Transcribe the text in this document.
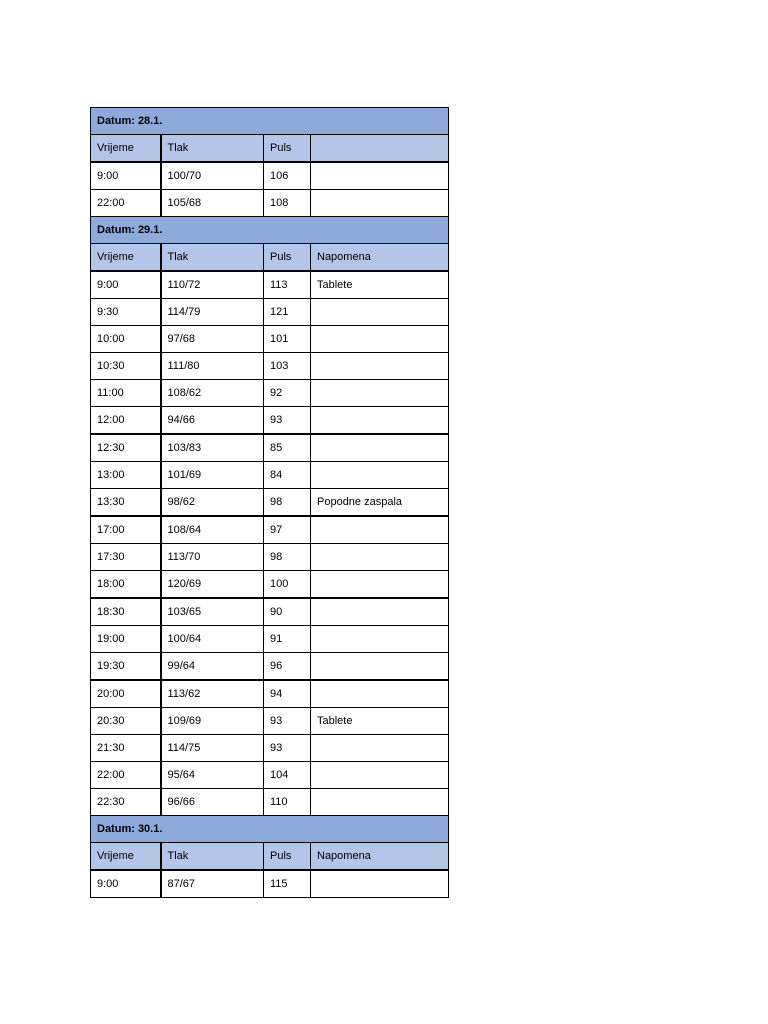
Datum: 28.1.			
Vrijeme	Tlak	Puls	
9:00	100/70	106	
22:00	105/68	108	
Datum: 29.1.			
Vrijeme	Tlak	Puls	Napomena
9:00	110/72	113	Tablete
9:30	114/79	121	
10:00	97/68	101	
10:30	111/80	103	
11:00	108/62	92	
12:00	94/66	93	
12:30	103/83	85	
13:00	101/69	84	
13:30	98/62	98	Popodne zaspala
17:00	108/64	97	
17:30	113/70	98	
18:00	120/69	100	
18:30	103/65	90	
19:00	100/64	91	
19:30	99/64	96	
20:00	113/62	94	
20:30	109/69	93	Tablete
21:30	114/75	93	
22:00	95/64	104	
22:30	96/66	110	
Datum: 30.1.			
Vrijeme	Tlak	Puls	Napomena
9:00	87/67	115	
